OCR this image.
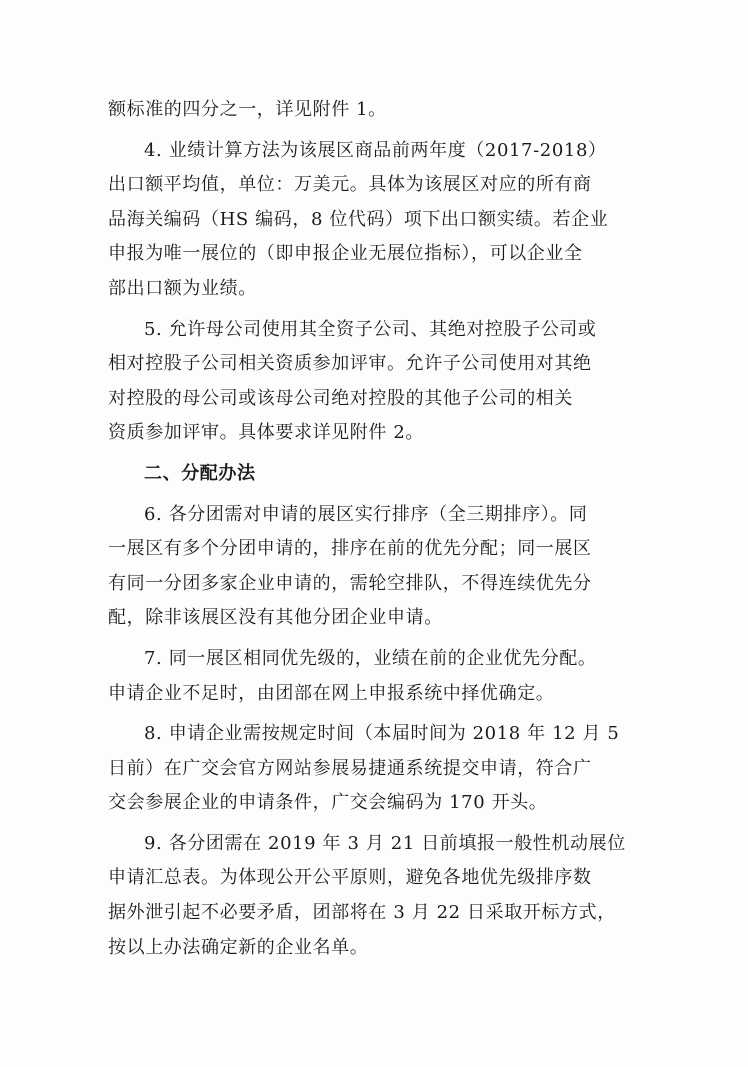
额标准的四分之一，详见附件 1。

4. 业绩计算方法为该展区商品前两年度（2017-2018）
出口额平均值，单位：万美元。具体为该展区对应的所有商
品海关编码（HS 编码，8 位代码）项下出口额实绩。若企业
申报为唯一展位的（即申报企业无展位指标），可以企业全
部出口额为业绩。

5. 允许母公司使用其全资子公司、其绝对控股子公司或
相对控股子公司相关资质参加评审。允许子公司使用对其绝
对控股的母公司或该母公司绝对控股的其他子公司的相关
资质参加评审。具体要求详见附件 2。

二、分配办法

6. 各分团需对申请的展区实行排序（全三期排序）。同
一展区有多个分团申请的，排序在前的优先分配；同一展区
有同一分团多家企业申请的，需轮空排队，不得连续优先分
配，除非该展区没有其他分团企业申请。

7. 同一展区相同优先级的，业绩在前的企业优先分配。
申请企业不足时，由团部在网上申报系统中择优确定。

8. 申请企业需按规定时间（本届时间为 2018 年 12 月 5
日前）在广交会官方网站参展易捷通系统提交申请，符合广
交会参展企业的申请条件，广交会编码为 170 开头。

9. 各分团需在 2019 年 3 月 21 日前填报一般性机动展位
申请汇总表。为体现公开公平原则，避免各地优先级排序数
据外泄引起不必要矛盾，团部将在 3 月 22 日采取开标方式，
按以上办法确定新的企业名单。
